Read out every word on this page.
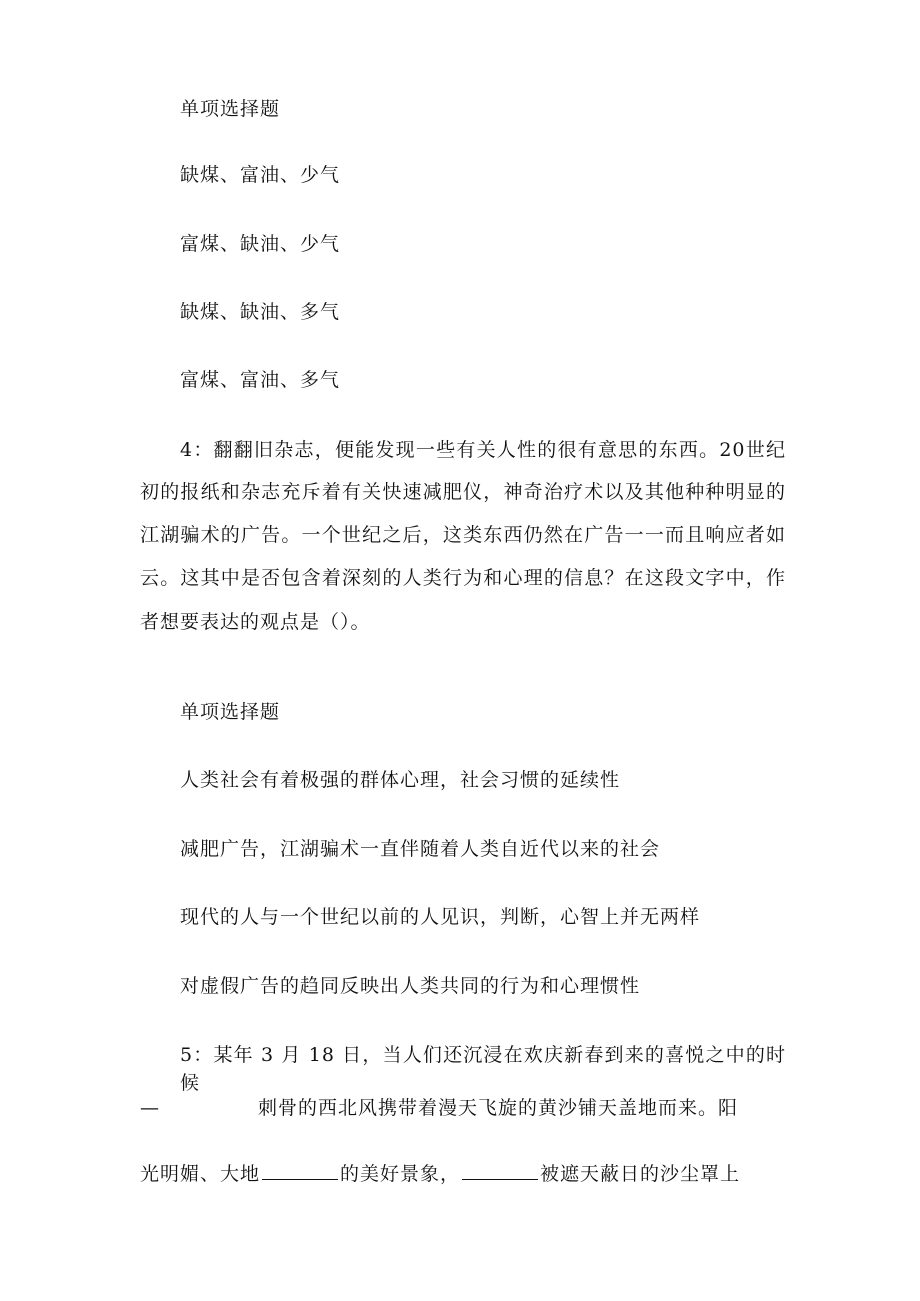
单项选择题
缺煤、富油、少气
富煤、缺油、少气
缺煤、缺油、多气
富煤、富油、多气
4：翻翻旧杂志，便能发现一些有关人性的很有意思的东西。20世纪
初的报纸和杂志充斥着有关快速减肥仪，神奇治疗术以及其他种种明显的
江湖骗术的广告。一个世纪之后，这类东西仍然在广告一一而且响应者如
云。这其中是否包含着深刻的人类行为和心理的信息？在这段文字中，作
者想要表达的观点是（）。
单项选择题
人类社会有着极强的群体心理，社会习惯的延续性
减肥广告，江湖骗术一直伴随着人类自近代以来的社会
现代的人与一个世纪以前的人见识，判断，心智上并无两样
对虚假广告的趋同反映出人类共同的行为和心理惯性
5：某年 3 月 18 日，当人们还沉浸在欢庆新春到来的喜悦之中的时候
—	刺骨的西北风携带着漫天飞旋的黄沙铺天盖地而来。阳
光明媚、大地	的美好景象，	被遮天蔽日的沙尘罩上
